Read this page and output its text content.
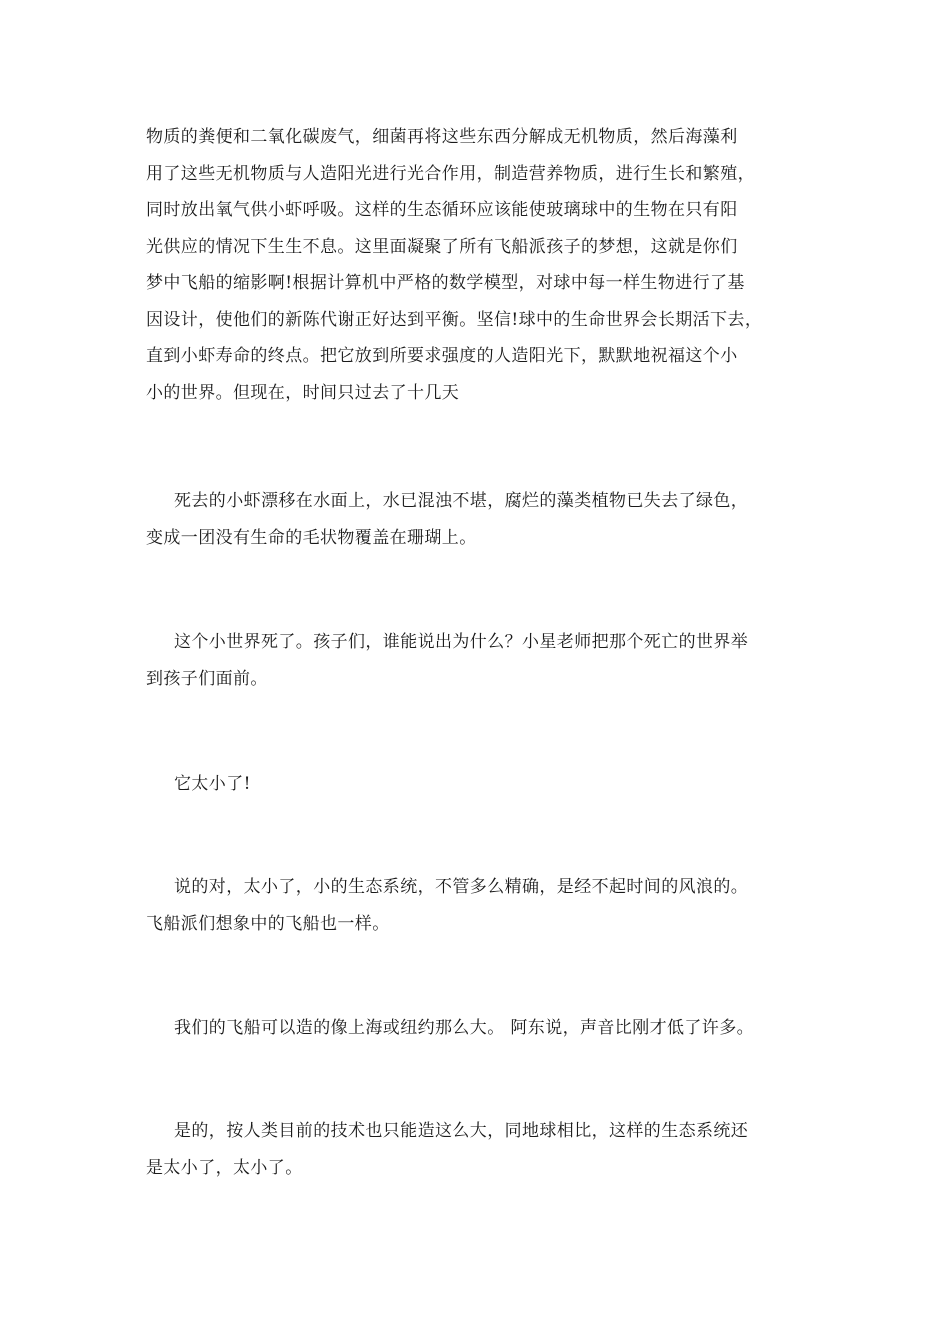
物质的粪便和二氧化碳废气，细菌再将这些东西分解成无机物质，然后海藻利
用了这些无机物质与人造阳光进行光合作用，制造营养物质，进行生长和繁殖，
同时放出氧气供小虾呼吸。这样的生态循环应该能使玻璃球中的生物在只有阳
光供应的情况下生生不息。这里面凝聚了所有飞船派孩子的梦想，这就是你们
梦中飞船的缩影啊!根据计算机中严格的数学模型，对球中每一样生物进行了基
因设计，使他们的新陈代谢正好达到平衡。坚信!球中的生命世界会长期活下去，
直到小虾寿命的终点。把它放到所要求强度的人造阳光下，默默地祝福这个小
小的世界。但现在，时间只过去了十几天

死去的小虾漂移在水面上，水已混浊不堪，腐烂的藻类植物已失去了绿色，
变成一团没有生命的毛状物覆盖在珊瑚上。

这个小世界死了。孩子们，谁能说出为什么？小星老师把那个死亡的世界举
到孩子们面前。

它太小了!

说的对，太小了，小的生态系统，不管多么精确，是经不起时间的风浪的。
飞船派们想象中的飞船也一样。

我们的飞船可以造的像上海或纽约那么大。 阿东说，声音比刚才低了许多。

是的，按人类目前的技术也只能造这么大，同地球相比，这样的生态系统还
是太小了，太小了。
